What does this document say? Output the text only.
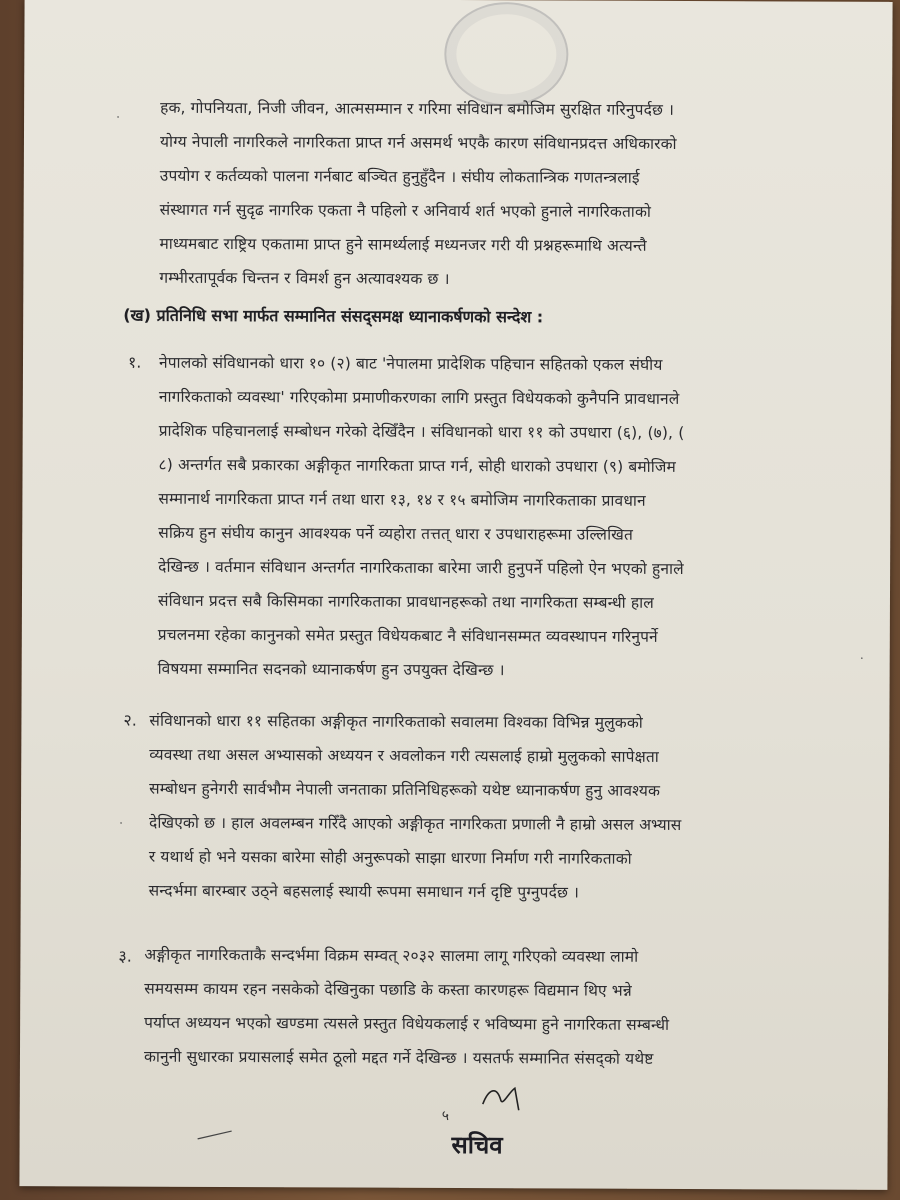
हक, गोपनियता, निजी जीवन, आत्मसम्मान र गरिमा संविधान बमोजिम सुरक्षित गरिनुपर्दछ ।
योग्य नेपाली नागरिकले नागरिकता प्राप्त गर्न असमर्थ भएकै कारण संविधानप्रदत्त अधिकारको
उपयोग र कर्तव्यको पालना गर्नबाट बञ्चित हुनुहुँदैन । संघीय लोकतान्त्रिक गणतन्त्रलाई
संस्थागत गर्न सुदृढ नागरिक एकता नै पहिलो र अनिवार्य शर्त भएको हुनाले नागरिकताको
माध्यमबाट राष्ट्रिय एकतामा प्राप्त हुने सामर्थ्यलाई मध्यनजर गरी यी प्रश्नहरूमाथि अत्यन्तै
गम्भीरतापूर्वक चिन्तन र विमर्श हुन अत्यावश्यक छ ।
(ख) प्रतिनिधि सभा मार्फत सम्मानित संसद्समक्ष ध्यानाकर्षणको सन्देश :
१. नेपालको संविधानको धारा १० (२) बाट 'नेपालमा प्रादेशिक पहिचान सहितको एकल संघीय
नागरिकताको व्यवस्था' गरिएकोमा प्रमाणीकरणका लागि प्रस्तुत विधेयकको कुनैपनि प्रावधानले
प्रादेशिक पहिचानलाई सम्बोधन गरेको देखिँदैन । संविधानको धारा ११ को उपधारा (६), (७), (
८) अन्तर्गत सबै प्रकारका अङ्गीकृत नागरिकता प्राप्त गर्न, सोही धाराको उपधारा (९) बमोजिम
सम्मानार्थ नागरिकता प्राप्त गर्न तथा धारा १३, १४ र १५ बमोजिम नागरिकताका प्रावधान
सक्रिय हुन संघीय कानुन आवश्यक पर्ने व्यहोरा तत्तत् धारा र उपधाराहरूमा उल्लिखित
देखिन्छ । वर्तमान संविधान अन्तर्गत नागरिकताका बारेमा जारी हुनुपर्ने पहिलो ऐन भएको हुनाले
संविधान प्रदत्त सबै किसिमका नागरिकताका प्रावधानहरूको तथा नागरिकता सम्बन्धी हाल
प्रचलनमा रहेका कानुनको समेत प्रस्तुत विधेयकबाट नै संविधानसम्मत व्यवस्थापन गरिनुपर्ने
विषयमा सम्मानित सदनको ध्यानाकर्षण हुन उपयुक्त देखिन्छ ।
२. संविधानको धारा ११ सहितका अङ्गीकृत नागरिकताको सवालमा विश्वका विभिन्न मुलुकको
व्यवस्था तथा असल अभ्यासको अध्ययन र अवलोकन गरी त्यसलाई हाम्रो मुलुकको सापेक्षता
सम्बोधन हुनेगरी सार्वभौम नेपाली जनताका प्रतिनिधिहरूको यथेष्ट ध्यानाकर्षण हुनु आवश्यक
देखिएको छ । हाल अवलम्बन गरिँदै आएको अङ्गीकृत नागरिकता प्रणाली नै हाम्रो असल अभ्यास
र यथार्थ हो भने यसका बारेमा सोही अनुरूपको साझा धारणा निर्माण गरी नागरिकताको
सन्दर्भमा बारम्बार उठ्ने बहसलाई स्थायी रूपमा समाधान गर्न दृष्टि पुग्नुपर्दछ ।
३. अङ्गीकृत नागरिकताकै सन्दर्भमा विक्रम सम्वत् २०३२ सालमा लागू गरिएको व्यवस्था लामो
समयसम्म कायम रहन नसकेको देखिनुका पछाडि के कस्ता कारणहरू विद्यमान थिए भन्ने
पर्याप्त अध्ययन भएको खण्डमा त्यसले प्रस्तुत विधेयकलाई र भविष्यमा हुने नागरिकता सम्बन्धी
कानुनी सुधारका प्रयासलाई समेत ठूलो मद्दत गर्ने देखिन्छ । यसतर्फ सम्मानित संसद्को यथेष्ट
५
सचिव
·
·
·
